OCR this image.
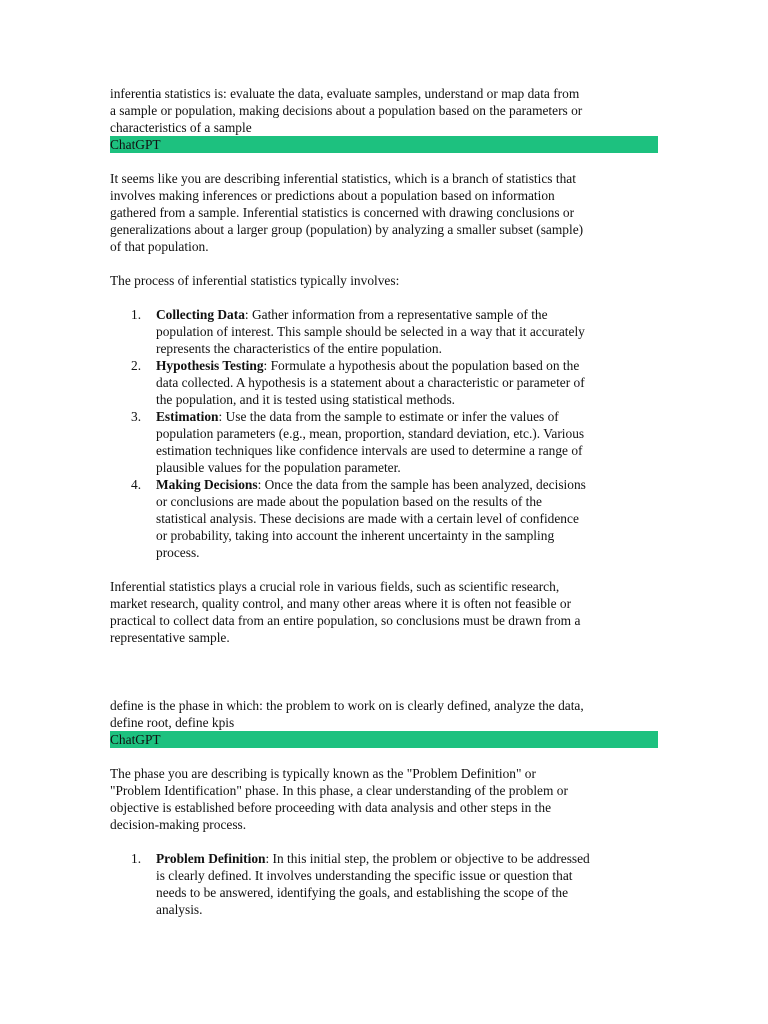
inferentia statistics is: evaluate the data, evaluate samples, understand or map data from
a sample or population, making decisions about a population based on the parameters or
characteristics of a sample
ChatGPT
It seems like you are describing inferential statistics, which is a branch of statistics that
involves making inferences or predictions about a population based on information
gathered from a sample. Inferential statistics is concerned with drawing conclusions or
generalizations about a larger group (population) by analyzing a smaller subset (sample)
of that population.
The process of inferential statistics typically involves:
1. Collecting Data: Gather information from a representative sample of the
population of interest. This sample should be selected in a way that it accurately
represents the characteristics of the entire population.
2. Hypothesis Testing: Formulate a hypothesis about the population based on the
data collected. A hypothesis is a statement about a characteristic or parameter of
the population, and it is tested using statistical methods.
3. Estimation: Use the data from the sample to estimate or infer the values of
population parameters (e.g., mean, proportion, standard deviation, etc.). Various
estimation techniques like confidence intervals are used to determine a range of
plausible values for the population parameter.
4. Making Decisions: Once the data from the sample has been analyzed, decisions
or conclusions are made about the population based on the results of the
statistical analysis. These decisions are made with a certain level of confidence
or probability, taking into account the inherent uncertainty in the sampling
process.
Inferential statistics plays a crucial role in various fields, such as scientific research,
market research, quality control, and many other areas where it is often not feasible or
practical to collect data from an entire population, so conclusions must be drawn from a
representative sample.
define is the phase in which: the problem to work on is clearly defined, analyze the data,
define root, define kpis
ChatGPT
The phase you are describing is typically known as the "Problem Definition" or
"Problem Identification" phase. In this phase, a clear understanding of the problem or
objective is established before proceeding with data analysis and other steps in the
decision-making process.
1. Problem Definition: In this initial step, the problem or objective to be addressed
is clearly defined. It involves understanding the specific issue or question that
needs to be answered, identifying the goals, and establishing the scope of the
analysis.
